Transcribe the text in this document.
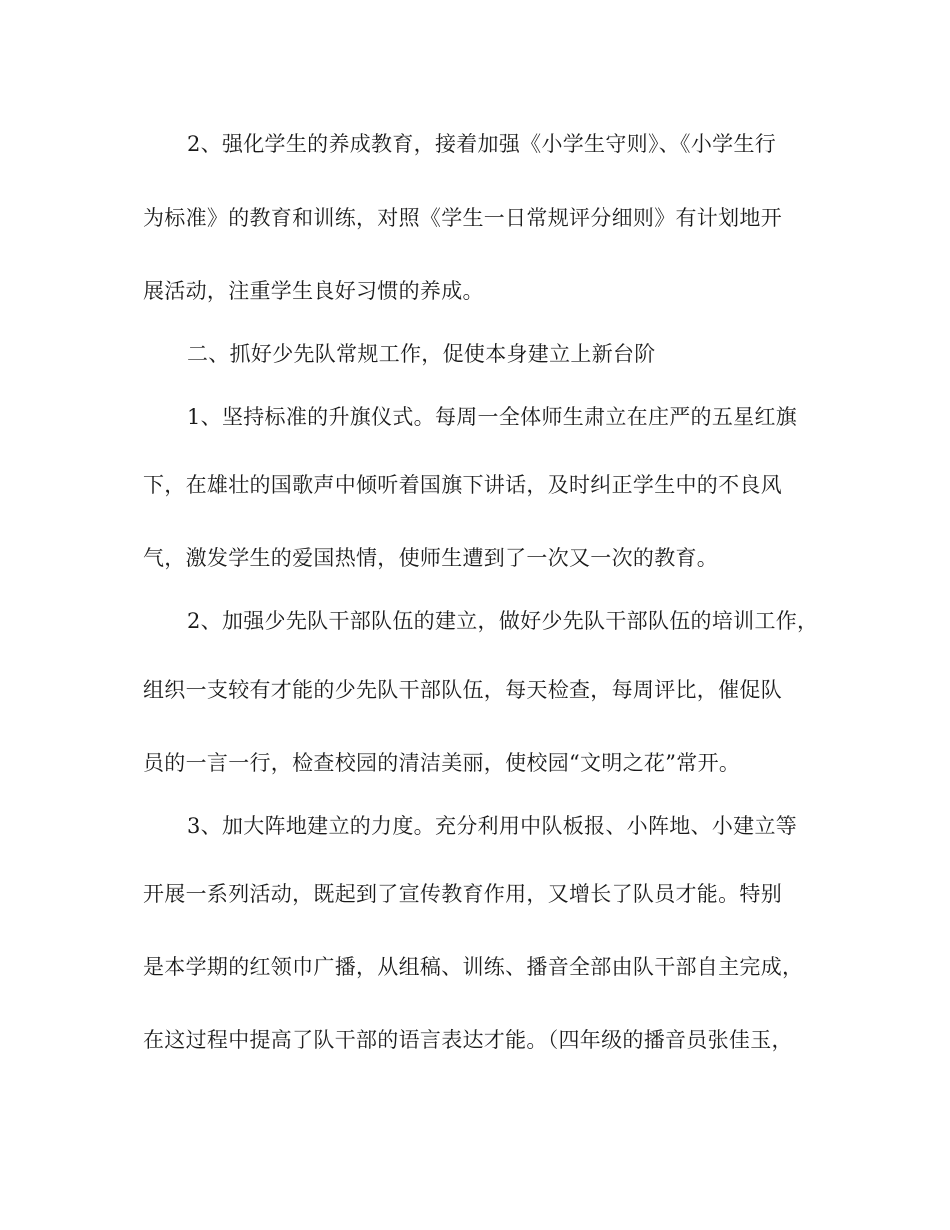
2、强化学生的养成教育，接着加强《小学生守则》、《小学生行
为标准》的教育和训练，对照《学生一日常规评分细则》有计划地开
展活动，注重学生良好习惯的养成。
二、抓好少先队常规工作，促使本身建立上新台阶
1、坚持标准的升旗仪式。每周一全体师生肃立在庄严的五星红旗
下，在雄壮的国歌声中倾听着国旗下讲话，及时纠正学生中的不良风
气，激发学生的爱国热情，使师生遭到了一次又一次的教育。
2、加强少先队干部队伍的建立，做好少先队干部队伍的培训工作，
组织一支较有才能的少先队干部队伍，每天检查，每周评比，催促队
员的一言一行，检查校园的清洁美丽，使校园“文明之花”常开。
3、加大阵地建立的力度。充分利用中队板报、小阵地、小建立等
开展一系列活动，既起到了宣传教育作用，又增长了队员才能。特别
是本学期的红领巾广播，从组稿、训练、播音全部由队干部自主完成，
在这过程中提高了队干部的语言表达才能。（四年级的播音员张佳玉，
